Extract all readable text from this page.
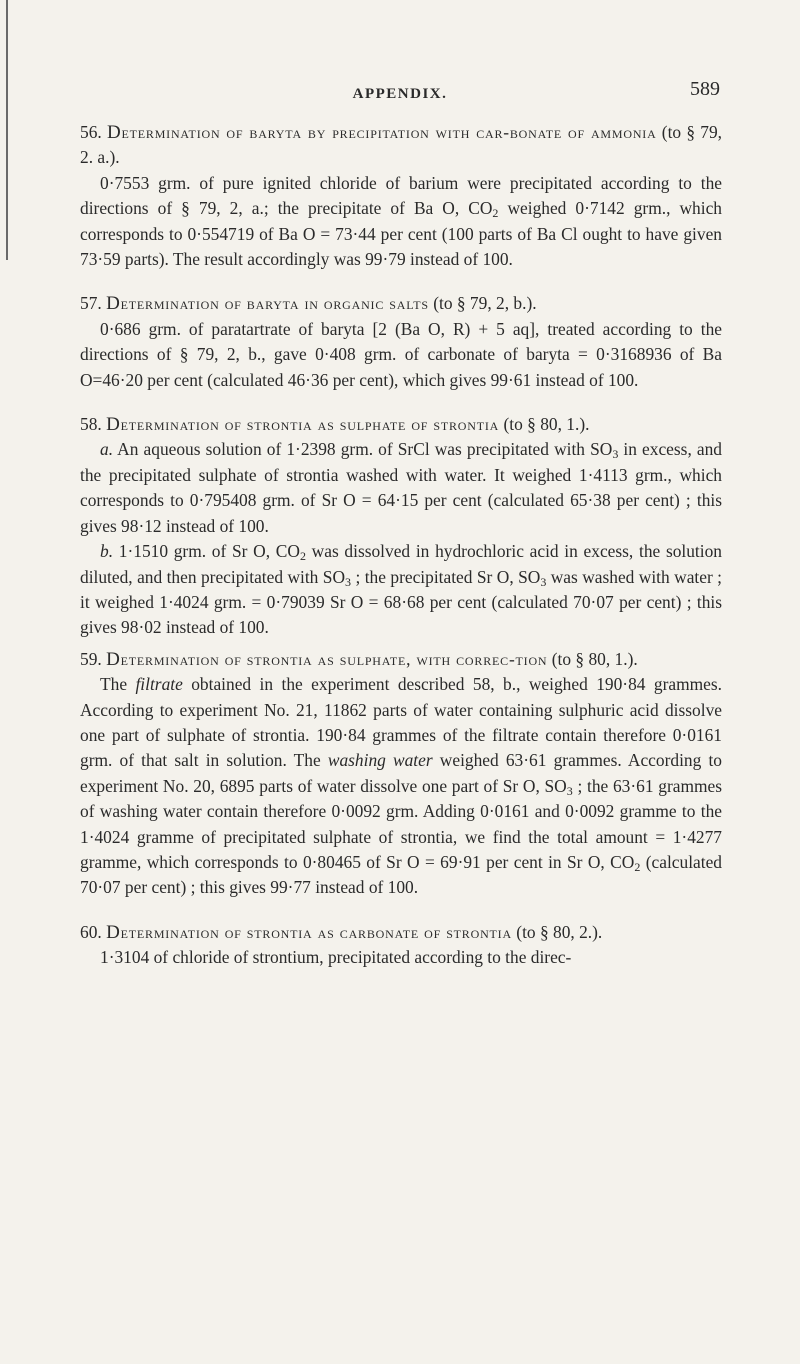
APPENDIX.	589

56. Determination of baryta by precipitation with car-bonate of ammonia (to § 79, 2. a.).

0·7553 grm. of pure ignited chloride of barium were precipitated according to the directions of § 79, 2, a.; the precipitate of Ba O, $CO_2$ weighed 0·7142 grm., which corresponds to 0·554719 of Ba O = 73·44 per cent (100 parts of Ba Cl ought to have given 73·59 parts). The result accordingly was 99·79 instead of 100.

57. Determination of baryta in organic salts (to § 79, 2, b.).

0·686 grm. of paratartrate of baryta [2 (Ba O, R) + 5 aq], treated according to the directions of § 79, 2, b., gave 0·408 grm. of carbonate of baryta = 0·3168936 of Ba O=46·20 per cent (calculated 46·36 per cent), which gives 99·61 instead of 100.

58. Determination of strontia as sulphate of strontia (to § 80, 1.).

a. An aqueous solution of 1·2398 grm. of SrCl was precipitated with $SO_3$ in excess, and the precipitated sulphate of strontia washed with water. It weighed 1·4113 grm., which corresponds to 0·795408 grm. of Sr O = 64·15 per cent (calculated 65·38 per cent) ; this gives 98·12 instead of 100.

b. 1·1510 grm. of Sr O, $CO_2$ was dissolved in hydrochloric acid in excess, the solution diluted, and then precipitated with $SO_3$ ; the precipitated Sr O, $SO_3$ was washed with water ; it weighed 1·4024 grm. = 0·79039 Sr O = 68·68 per cent (calculated 70·07 per cent) ; this gives 98·02 instead of 100.

59. Determination of strontia as sulphate, with correc-tion (to § 80, 1.).

The filtrate obtained in the experiment described 58, b., weighed 190·84 grammes. According to experiment No. 21, 11862 parts of water containing sulphuric acid dissolve one part of sulphate of strontia. 190·84 grammes of the filtrate contain therefore 0·0161 grm. of that salt in solution. The washing water weighed 63·61 grammes. According to experiment No. 20, 6895 parts of water dissolve one part of Sr O, $SO_3$ ; the 63·61 grammes of washing water contain therefore 0·0092 grm. Adding 0·0161 and 0·0092 gramme to the 1·4024 gramme of precipitated sulphate of strontia, we find the total amount = 1·4277 gramme, which corresponds to 0·80465 of Sr O = 69·91 per cent in Sr O, $CO_2$ (calculated 70·07 per cent) ; this gives 99·77 instead of 100.

60. Determination of strontia as carbonate of strontia (to § 80, 2.).

1·3104 of chloride of strontium, precipitated according to the direc-
